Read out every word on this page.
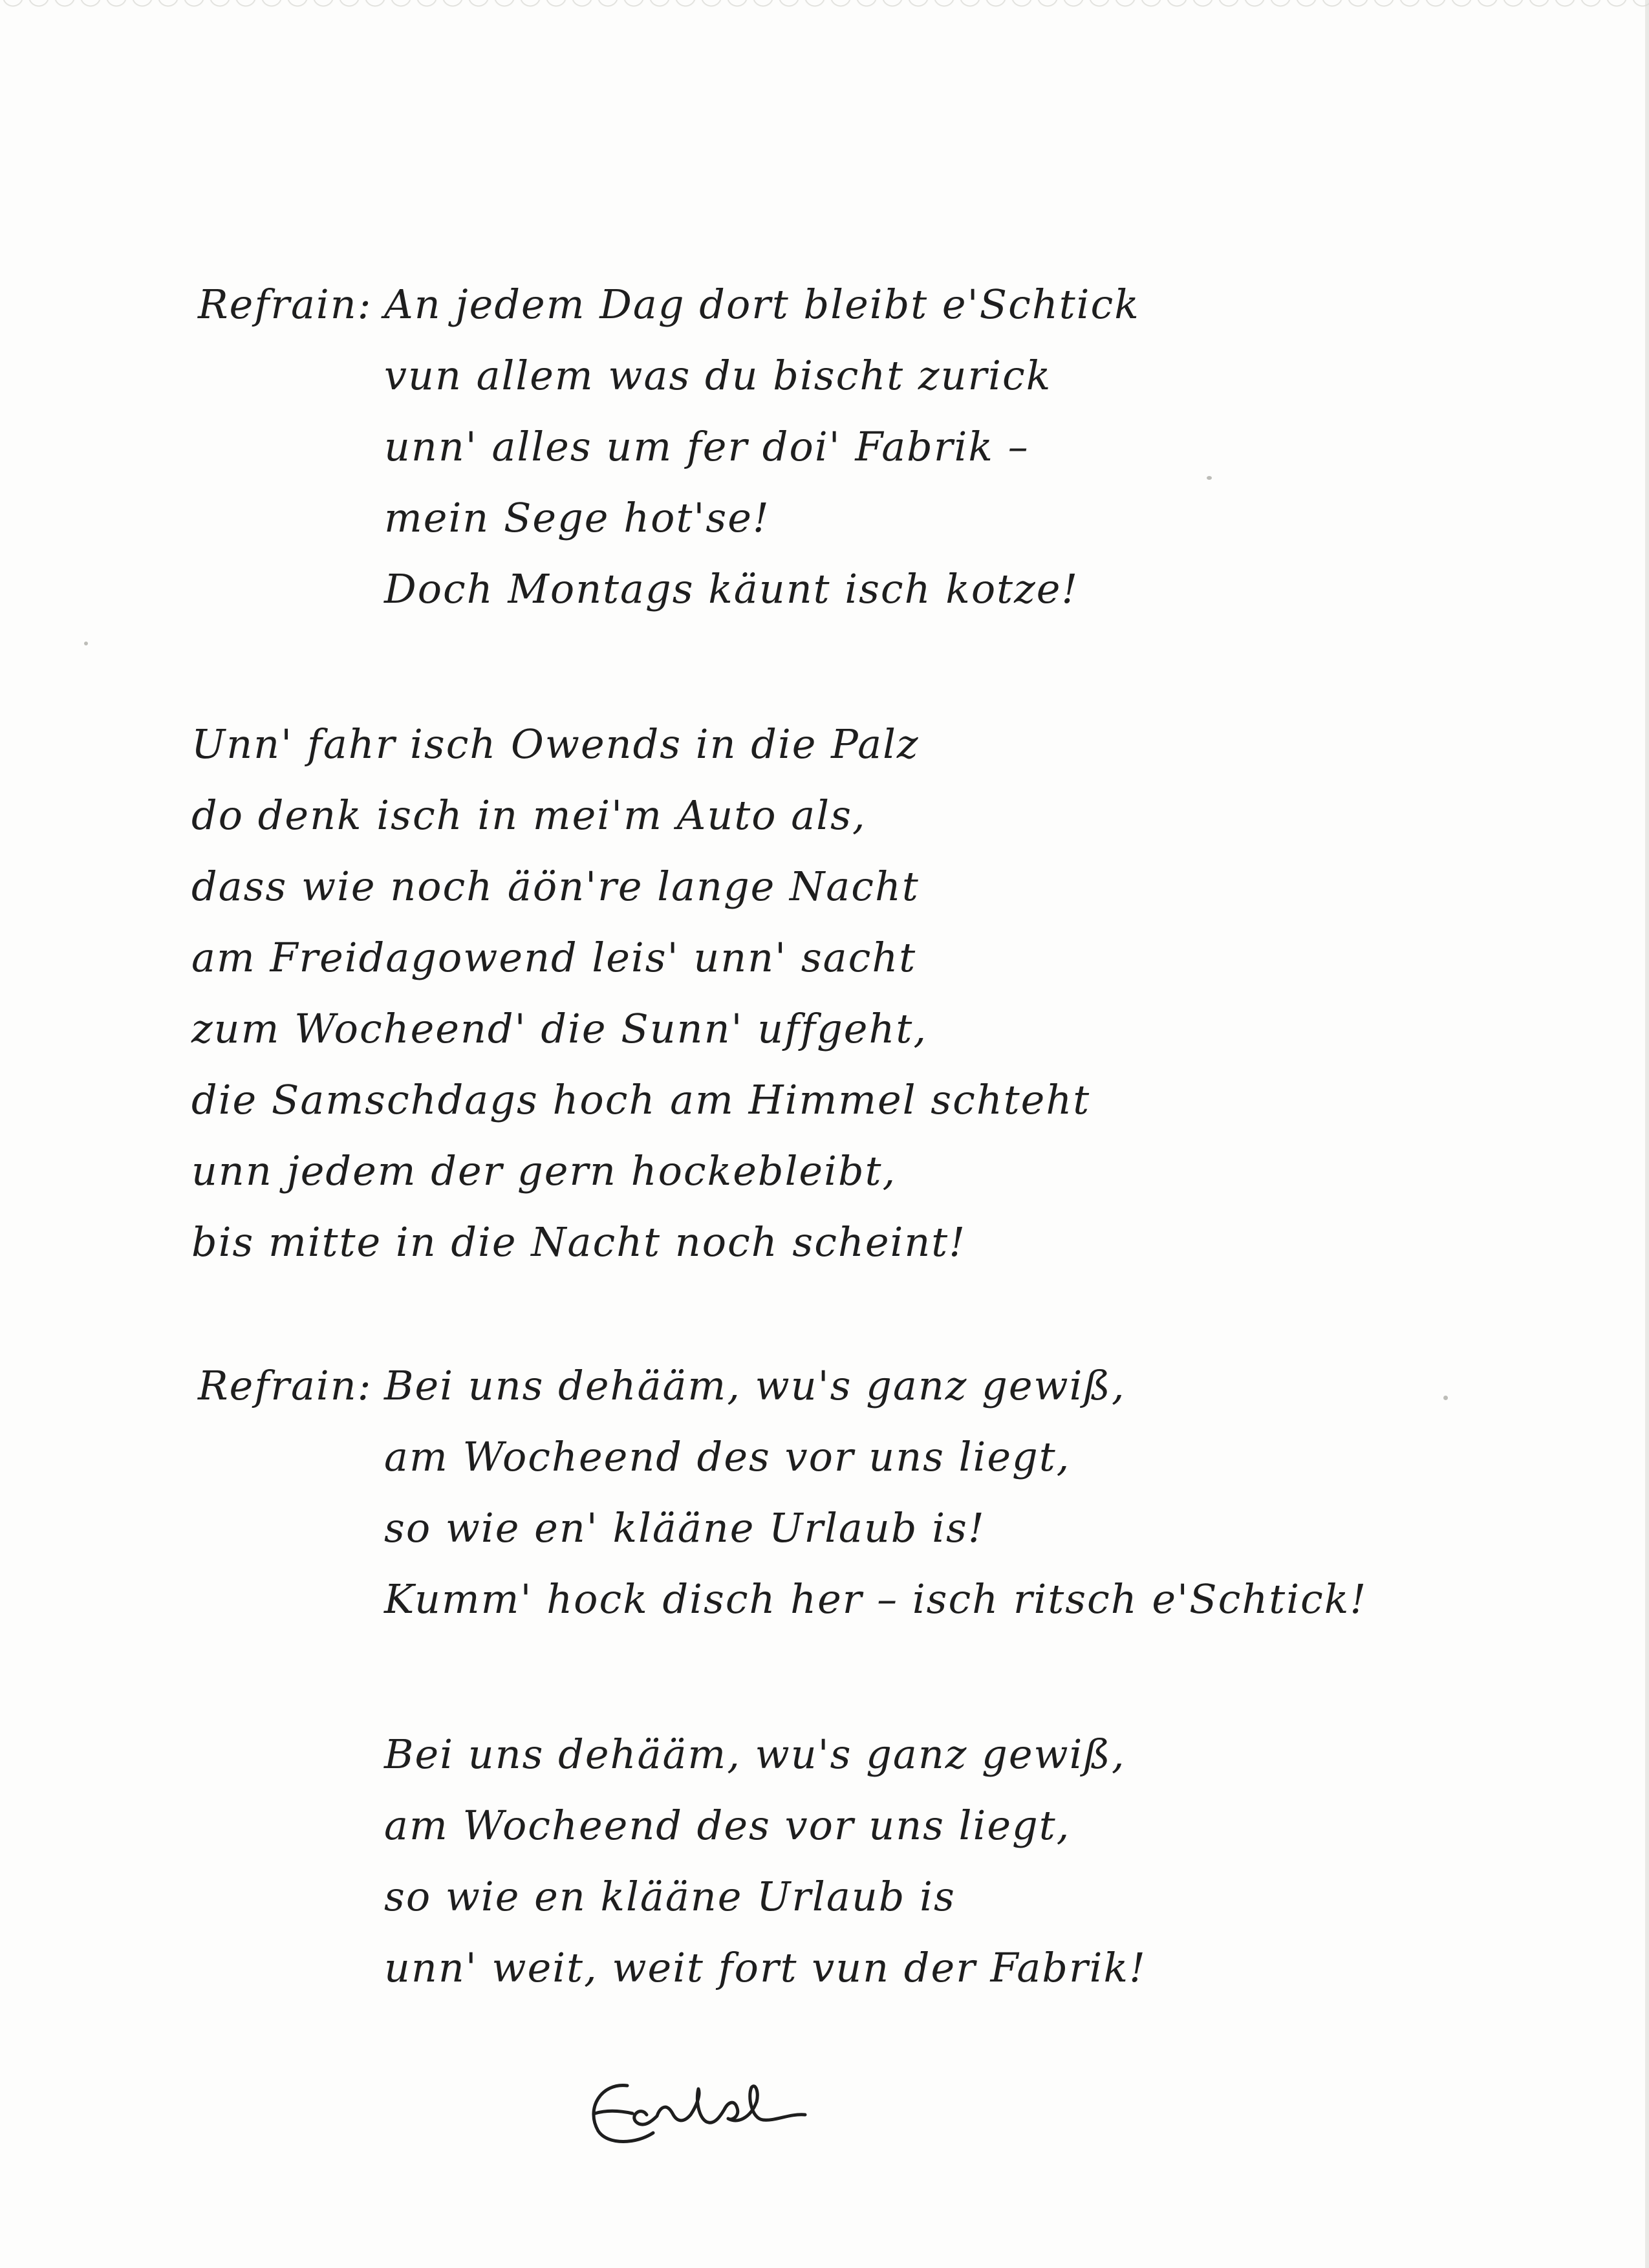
Refrain: An jedem Dag dort bleibt e'Schtick
vun allem was du bischt zurick
unn' alles um fer doi' Fabrik –
mein Sege hot'se!
Doch Montags käunt isch kotze!
Unn' fahr isch Owends in die Palz
do denk isch in mei'm Auto als,
dass wie noch äön're lange Nacht
am Freidagowend leis' unn' sacht
zum Wocheend' die Sunn' uffgeht,
die Samschdags hoch am Himmel schteht
unn jedem der gern hockebleibt,
bis mitte in die Nacht noch scheint!
Refrain: Bei uns dehääm, wu's ganz gewiß,
am Wocheend des vor uns liegt,
so wie en' kläänе Urlaub is!
Kumm' hock disch her – isch ritsch e'Schtick!
Bei uns dehääm, wu's ganz gewiß,
am Wocheend des vor uns liegt,
so wie en kläänе Urlaub is
unn' weit, weit fort vun der Fabrik!
